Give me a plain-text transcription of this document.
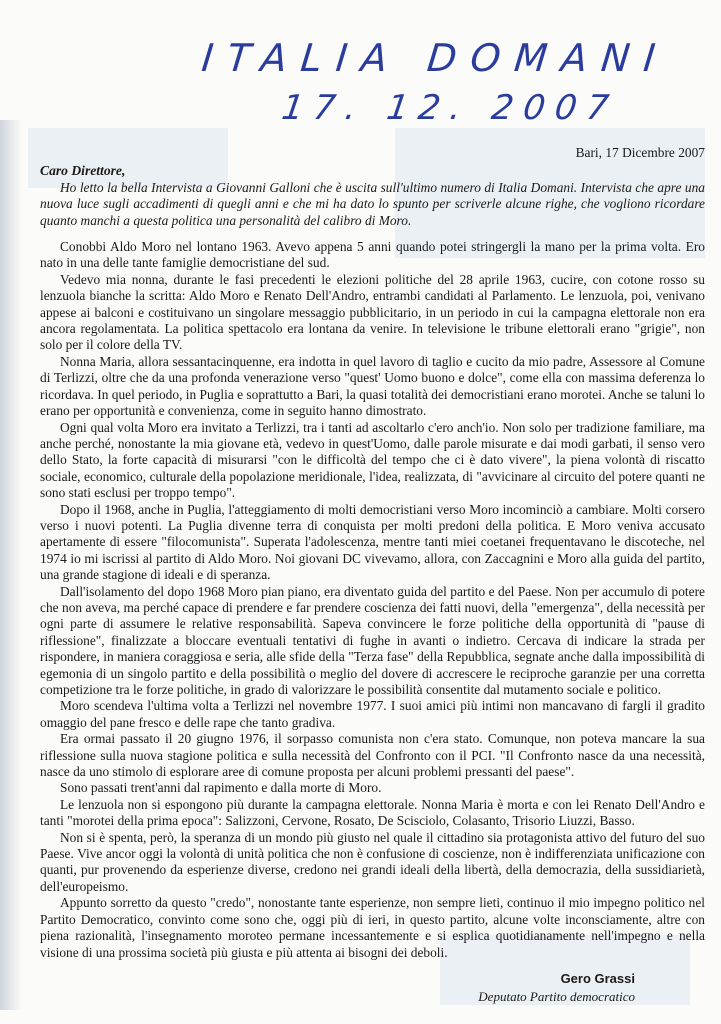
ITALIA DOMANI
17. 12. 2007
Bari, 17 Dicembre 2007
Caro Direttore,

Ho letto la bella Intervista a Giovanni Galloni che è uscita sull'ultimo numero di Italia Domani. Intervista che apre una nuova luce sugli accadimenti di quegli anni e che mi ha dato lo spunto per scriverle alcune righe, che vogliono ricordare quanto manchi a questa politica una personalità del calibro di Moro.

Conobbi Aldo Moro nel lontano 1963. Avevo appena 5 anni quando potei stringergli la mano per la prima volta. Ero nato in una delle tante famiglie democristiane del sud.

Vedevo mia nonna, durante le fasi precedenti le elezioni politiche del 28 aprile 1963, cucire, con cotone rosso su lenzuola bianche la scritta: Aldo Moro e Renato Dell'Andro, entrambi candidati al Parlamento. Le lenzuola, poi, venivano appese ai balconi e costituivano un singolare messaggio pubblicitario, in un periodo in cui la campagna elettorale non era ancora regolamentata. La politica spettacolo era lontana da venire. In televisione le tribune elettorali erano "grigie", non solo per il colore della TV.

Nonna Maria, allora sessantacinquenne, era indotta in quel lavoro di taglio e cucito da mio padre, Assessore al Comune di Terlizzi, oltre che da una profonda venerazione verso "quest' Uomo buono e dolce", come ella con massima deferenza lo ricordava. In quel periodo, in Puglia e soprattutto a Bari, la quasi totalità dei democristiani erano morotei. Anche se taluni lo erano per opportunità e convenienza, come in seguito hanno dimostrato.

Ogni qual volta Moro era invitato a Terlizzi, tra i tanti ad ascoltarlo c'ero anch'io. Non solo per tradizione familiare, ma anche perché, nonostante la mia giovane età, vedevo in quest'Uomo, dalle parole misurate e dai modi garbati, il senso vero dello Stato, la forte capacità di misurarsi "con le difficoltà del tempo che ci è dato vivere", la piena volontà di riscatto sociale, economico, culturale della popolazione meridionale, l'idea, realizzata, di "avvicinare al circuito del potere quanti ne sono stati esclusi per troppo tempo".

Dopo il 1968, anche in Puglia, l'atteggiamento di molti democristiani verso Moro incominciò a cambiare. Molti corsero verso i nuovi potenti. La Puglia divenne terra di conquista per molti predoni della politica. E Moro veniva accusato apertamente di essere "filocomunista". Superata l'adolescenza, mentre tanti miei coetanei frequentavano le discoteche, nel 1974 io mi iscrissi al partito di Aldo Moro. Noi giovani DC vivevamo, allora, con Zaccagnini e Moro alla guida del partito, una grande stagione di ideali e di speranza.

Dall'isolamento del dopo 1968 Moro pian piano, era diventato guida del partito e del Paese. Non per accumulo di potere che non aveva, ma perché capace di prendere e far prendere coscienza dei fatti nuovi, della "emergenza", della necessità per ogni parte di assumere le relative responsabilità. Sapeva convincere le forze politiche della opportunità di "pause di riflessione", finalizzate a bloccare eventuali tentativi di fughe in avanti o indietro. Cercava di indicare la strada per rispondere, in maniera coraggiosa e seria, alle sfide della "Terza fase" della Repubblica, segnate anche dalla impossibilità di egemonia di un singolo partito e della possibilità o meglio del dovere di accrescere le reciproche garanzie per una corretta competizione tra le forze politiche, in grado di valorizzare le possibilità consentite dal mutamento sociale e politico.

Moro scendeva l'ultima volta a Terlizzi nel novembre 1977. I suoi amici più intimi non mancavano di fargli il gradito omaggio del pane fresco e delle rape che tanto gradiva.

Era ormai passato il 20 giugno 1976, il sorpasso comunista non c'era stato. Comunque, non poteva mancare la sua riflessione sulla nuova stagione politica e sulla necessità del Confronto con il PCI. "Il Confronto nasce da una necessità, nasce da uno stimolo di esplorare aree di comune proposta per alcuni problemi pressanti del paese".

Sono passati trent'anni dal rapimento e dalla morte di Moro.

Le lenzuola non si espongono più durante la campagna elettorale. Nonna Maria è morta e con lei Renato Dell'Andro e tanti "morotei della prima epoca": Salizzoni, Cervone, Rosato, De Scisciolo, Colasanto, Trisorio Liuzzi, Basso.

Non si è spenta, però, la speranza di un mondo più giusto nel quale il cittadino sia protagonista attivo del futuro del suo Paese. Vive ancor oggi la volontà di unità politica che non è confusione di coscienze, non è indifferenziata unificazione con quanti, pur provenendo da esperienze diverse, credono nei grandi ideali della libertà, della democrazia, della sussidiarietà, dell'europeismo.

Appunto sorretto da questo "credo", nonostante tante esperienze, non sempre lieti, continuo il mio impegno politico nel Partito Democratico, convinto come sono che, oggi più di ieri, in questo partito, alcune volte inconsciamente, altre con piena razionalità, l'insegnamento moroteo permane incessantemente e si esplica quotidianamente nell'impegno e nella visione di una prossima società più giusta e più attenta ai bisogni dei deboli.

Gero Grassi
Deputato Partito democratico
